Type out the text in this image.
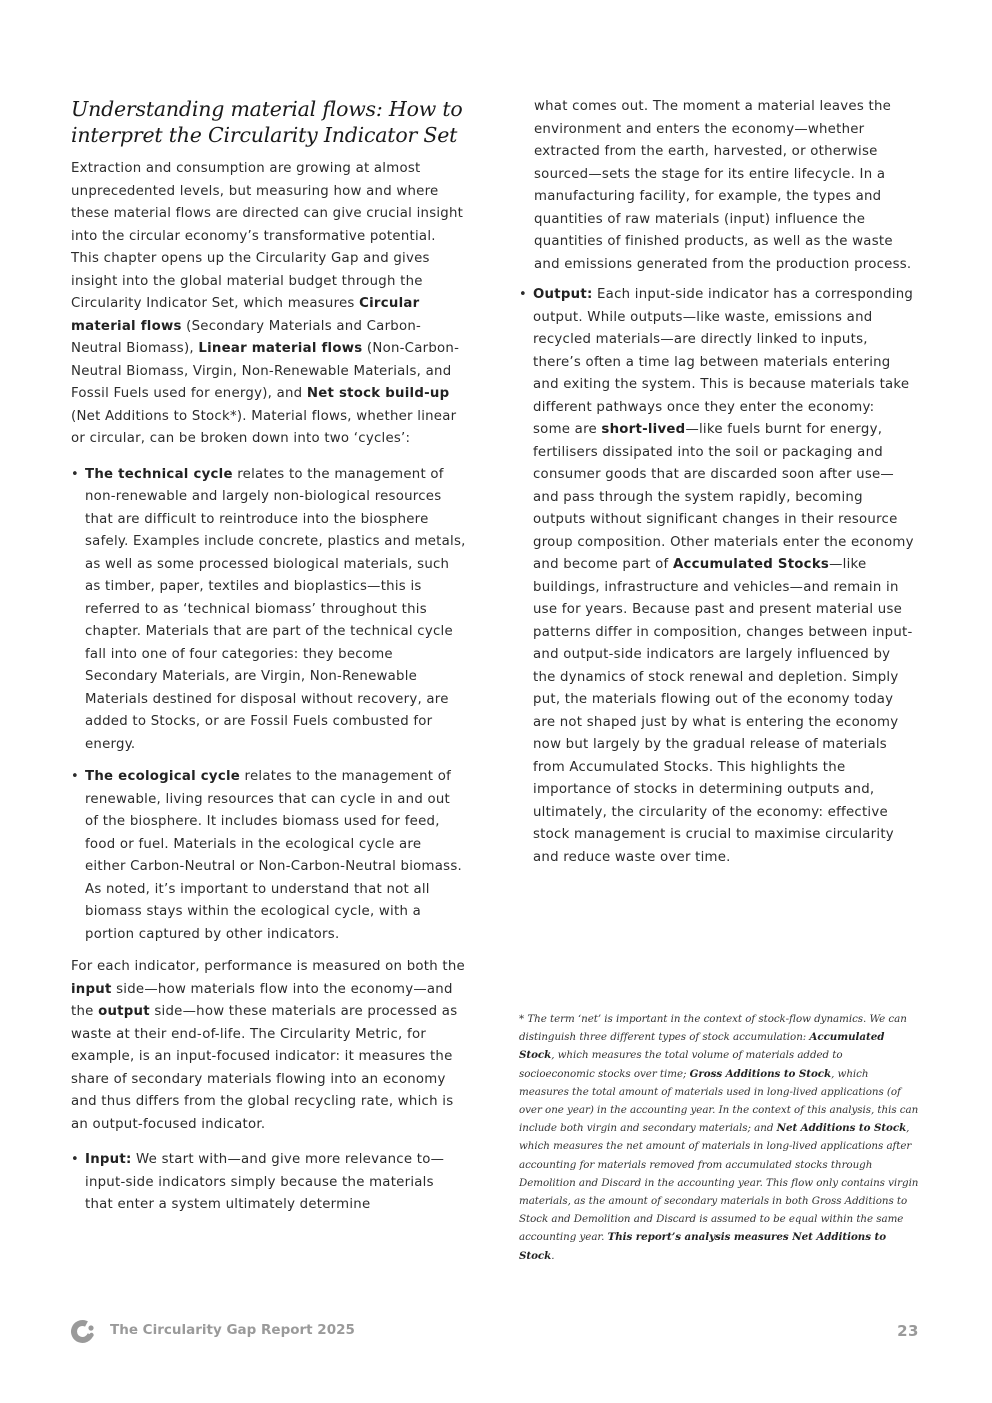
Understanding material flows: How to interpret the Circularity Indicator Set

Extraction and consumption are growing at almost unprecedented levels, but measuring how and where these material flows are directed can give crucial insight into the circular economy’s transformative potential. This chapter opens up the Circularity Gap and gives insight into the global material budget through the Circularity Indicator Set, which measures Circular material flows (Secondary Materials and Carbon-Neutral Biomass), Linear material flows (Non-Carbon-Neutral Biomass, Virgin, Non-Renewable Materials, and Fossil Fuels used for energy), and Net stock build-up (Net Additions to Stock*). Material flows, whether linear or circular, can be broken down into two ‘cycles’:

• The technical cycle relates to the management of non-renewable and largely non-biological resources that are difficult to reintroduce into the biosphere safely. Examples include concrete, plastics and metals, as well as some processed biological materials, such as timber, paper, textiles and bioplastics—this is referred to as ‘technical biomass’ throughout this chapter. Materials that are part of the technical cycle fall into one of four categories: they become Secondary Materials, are Virgin, Non-Renewable Materials destined for disposal without recovery, are added to Stocks, or are Fossil Fuels combusted for energy.
• The ecological cycle relates to the management of renewable, living resources that can cycle in and out of the biosphere. It includes biomass used for feed, food or fuel. Materials in the ecological cycle are either Carbon-Neutral or Non-Carbon-Neutral biomass. As noted, it’s important to understand that not all biomass stays within the ecological cycle, with a portion captured by other indicators.

For each indicator, performance is measured on both the input side—how materials flow into the economy—and the output side—how these materials are processed as waste at their end-of-life. The Circularity Metric, for example, is an input-focused indicator: it measures the share of secondary materials flowing into an economy and thus differs from the global recycling rate, which is an output-focused indicator.

• Input: We start with—and give more relevance to—input-side indicators simply because the materials that enter a system ultimately determine
what comes out. The moment a material leaves the environment and enters the economy—whether extracted from the earth, harvested, or otherwise sourced—sets the stage for its entire lifecycle. In a manufacturing facility, for example, the types and quantities of raw materials (input) influence the quantities of finished products, as well as the waste and emissions generated from the production process.
• Output: Each input-side indicator has a corresponding output. While outputs—like waste, emissions and recycled materials—are directly linked to inputs, there’s often a time lag between materials entering and exiting the system. This is because materials take different pathways once they enter the economy: some are short-lived—like fuels burnt for energy, fertilisers dissipated into the soil or packaging and consumer goods that are discarded soon after use—and pass through the system rapidly, becoming outputs without significant changes in their resource group composition. Other materials enter the economy and become part of Accumulated Stocks—like buildings, infrastructure and vehicles—and remain in use for years. Because past and present material use patterns differ in composition, changes between input- and output-side indicators are largely influenced by the dynamics of stock renewal and depletion. Simply put, the materials flowing out of the economy today are not shaped just by what is entering the economy now but largely by the gradual release of materials from Accumulated Stocks. This highlights the importance of stocks in determining outputs and, ultimately, the circularity of the economy: effective stock management is crucial to maximise circularity and reduce waste over time.
* The term ‘net’ is important in the context of stock-flow dynamics. We can distinguish three different types of stock accumulation: Accumulated Stock, which measures the total volume of materials added to socioeconomic stocks over time; Gross Additions to Stock, which measures the total amount of materials used in long-lived applications (of over one year) in the accounting year. In the context of this analysis, this can include both virgin and secondary materials; and Net Additions to Stock, which measures the net amount of materials in long-lived applications after accounting for materials removed from accumulated stocks through Demolition and Discard in the accounting year. This flow only contains virgin materials, as the amount of secondary materials in both Gross Additions to Stock and Demolition and Discard is assumed to be equal within the same accounting year. This report’s analysis measures Net Additions to Stock.
The Circularity Gap Report 2025	23
